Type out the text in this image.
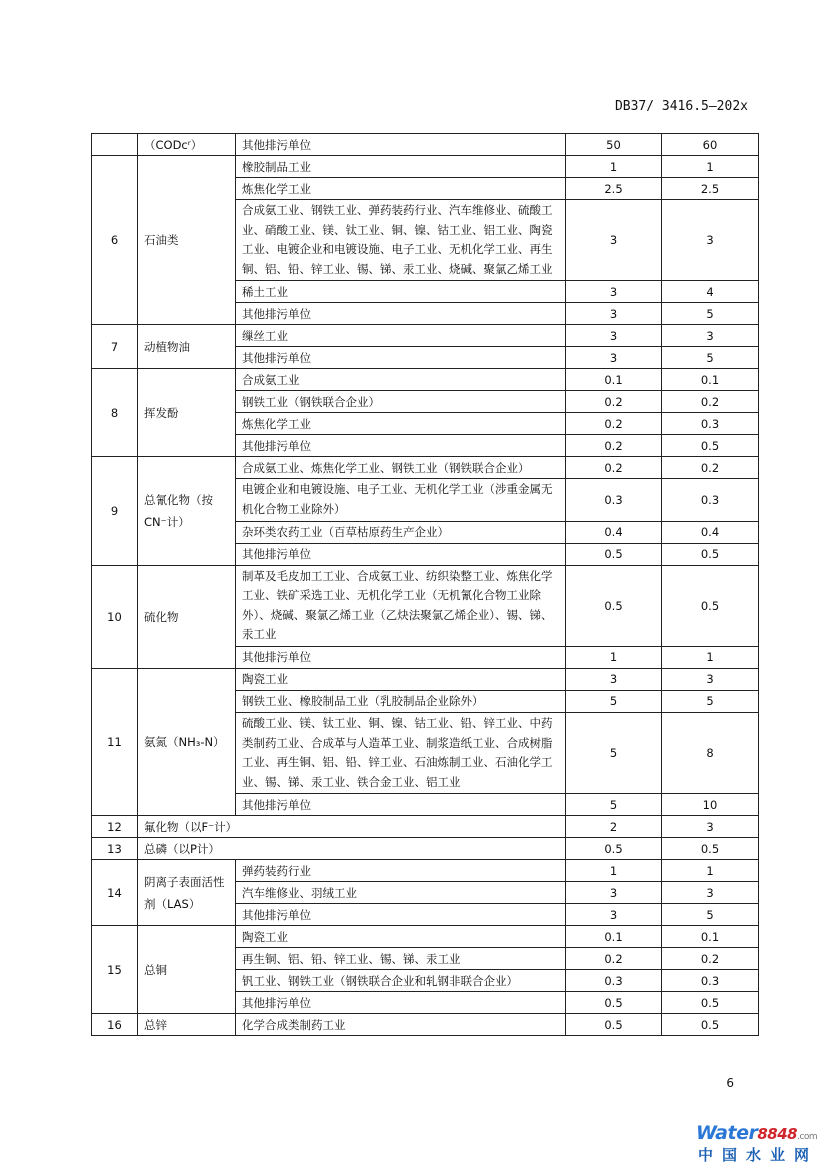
DB37/ 3416.5—202x
	（CODᴄʳ）	其他排污单位	50	60
6	石油类	橡胶制品工业	1	1
		炼焦化学工业	2.5	2.5
		合成氨工业、钢铁工业、弹药装药行业、汽车维修业、硫酸工业、硝酸工业、镁、钛工业、铜、镍、钴工业、铝工业、陶瓷工业、电镀企业和电镀设施、电子工业、无机化学工业、再生铜、铝、铅、锌工业、锡、锑、汞工业、烧碱、聚氯乙烯工业	3	3
		稀土工业	3	4
		其他排污单位	3	5
7	动植物油	缫丝工业	3	3
		其他排污单位	3	5
8	挥发酚	合成氨工业	0.1	0.1
		钢铁工业（钢铁联合企业）	0.2	0.2
		炼焦化学工业	0.2	0.3
		其他排污单位	0.2	0.5
9	总氰化物（按CN⁻计）	合成氨工业、炼焦化学工业、钢铁工业（钢铁联合企业）	0.2	0.2
		电镀企业和电镀设施、电子工业、无机化学工业（涉重金属无机化合物工业除外）	0.3	0.3
		杂环类农药工业（百草枯原药生产企业）	0.4	0.4
		其他排污单位	0.5	0.5
10	硫化物	制革及毛皮加工工业、合成氨工业、纺织染整工业、炼焦化学工业、铁矿采选工业、无机化学工业（无机氰化合物工业除外）、烧碱、聚氯乙烯工业（乙炔法聚氯乙烯企业）、锡、锑、汞工业	0.5	0.5
		其他排污单位	1	1
11	氨氮（NH₃-N）	陶瓷工业	3	3
		钢铁工业、橡胶制品工业（乳胶制品企业除外）	5	5
		硫酸工业、镁、钛工业、铜、镍、钴工业、铅、锌工业、中药类制药工业、合成革与人造革工业、制浆造纸工业、合成树脂工业、再生铜、铝、铅、锌工业、石油炼制工业、石油化学工业、锡、锑、汞工业、铁合金工业、铝工业	5	8
		其他排污单位	5	10
12	氟化物（以F⁻计）		2	3
13	总磷（以P计）		0.5	0.5
14	阴离子表面活性剂（LAS）	弹药装药行业	1	1
		汽车维修业、羽绒工业	3	3
		其他排污单位	3	5
15	总铜	陶瓷工业	0.1	0.1
		再生铜、铝、铅、锌工业、锡、锑、汞工业	0.2	0.2
		钒工业、钢铁工业（钢铁联合企业和轧钢非联合企业）	0.3	0.3
		其他排污单位	0.5	0.5
16	总锌	化学合成类制药工业	0.5	0.5
6
Water8848.com
中国水业网
